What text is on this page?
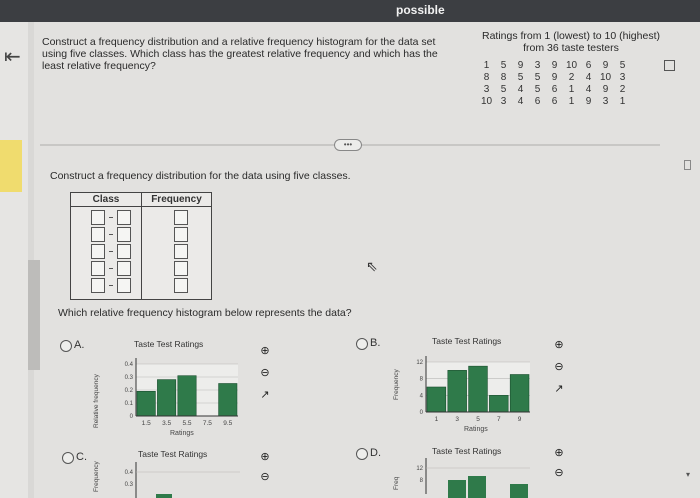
possible
⇤
Construct a frequency distribution and a relative frequency histogram for the data set using five classes. Which class has the greatest relative frequency and which has the least relative frequency?
Ratings from 1 (lowest) to 10 (highest) from 36 taste testers
1	5	9	3	9 10 6	9	5
8	8	5	5	9	2	4 10 3
3	5	4	5	6	1	4	9	2
10 3	4	6	6	1	9	3	1
•••
Construct a frequency distribution for the data using five classes.
Class	Frequency
Which relative frequency histogram below represents the data?
A.	Taste Test Ratings
Relative frequency
0.4
0.3
0.2
0.1
0
1.5 3.5 5.5 7.5 9.5
Ratings
⊕
⊖
↗
B.	Taste Test Ratings
Frequency
12
8
4
0
1	3	5	7	9
Ratings
⊕
⊖
↗
C.	Taste Test Ratings
Frequency	0.4
0.3
⊕
⊖
D.	Taste Test Ratings
Freq
12
8
⊕
⊖
⇖
▾
